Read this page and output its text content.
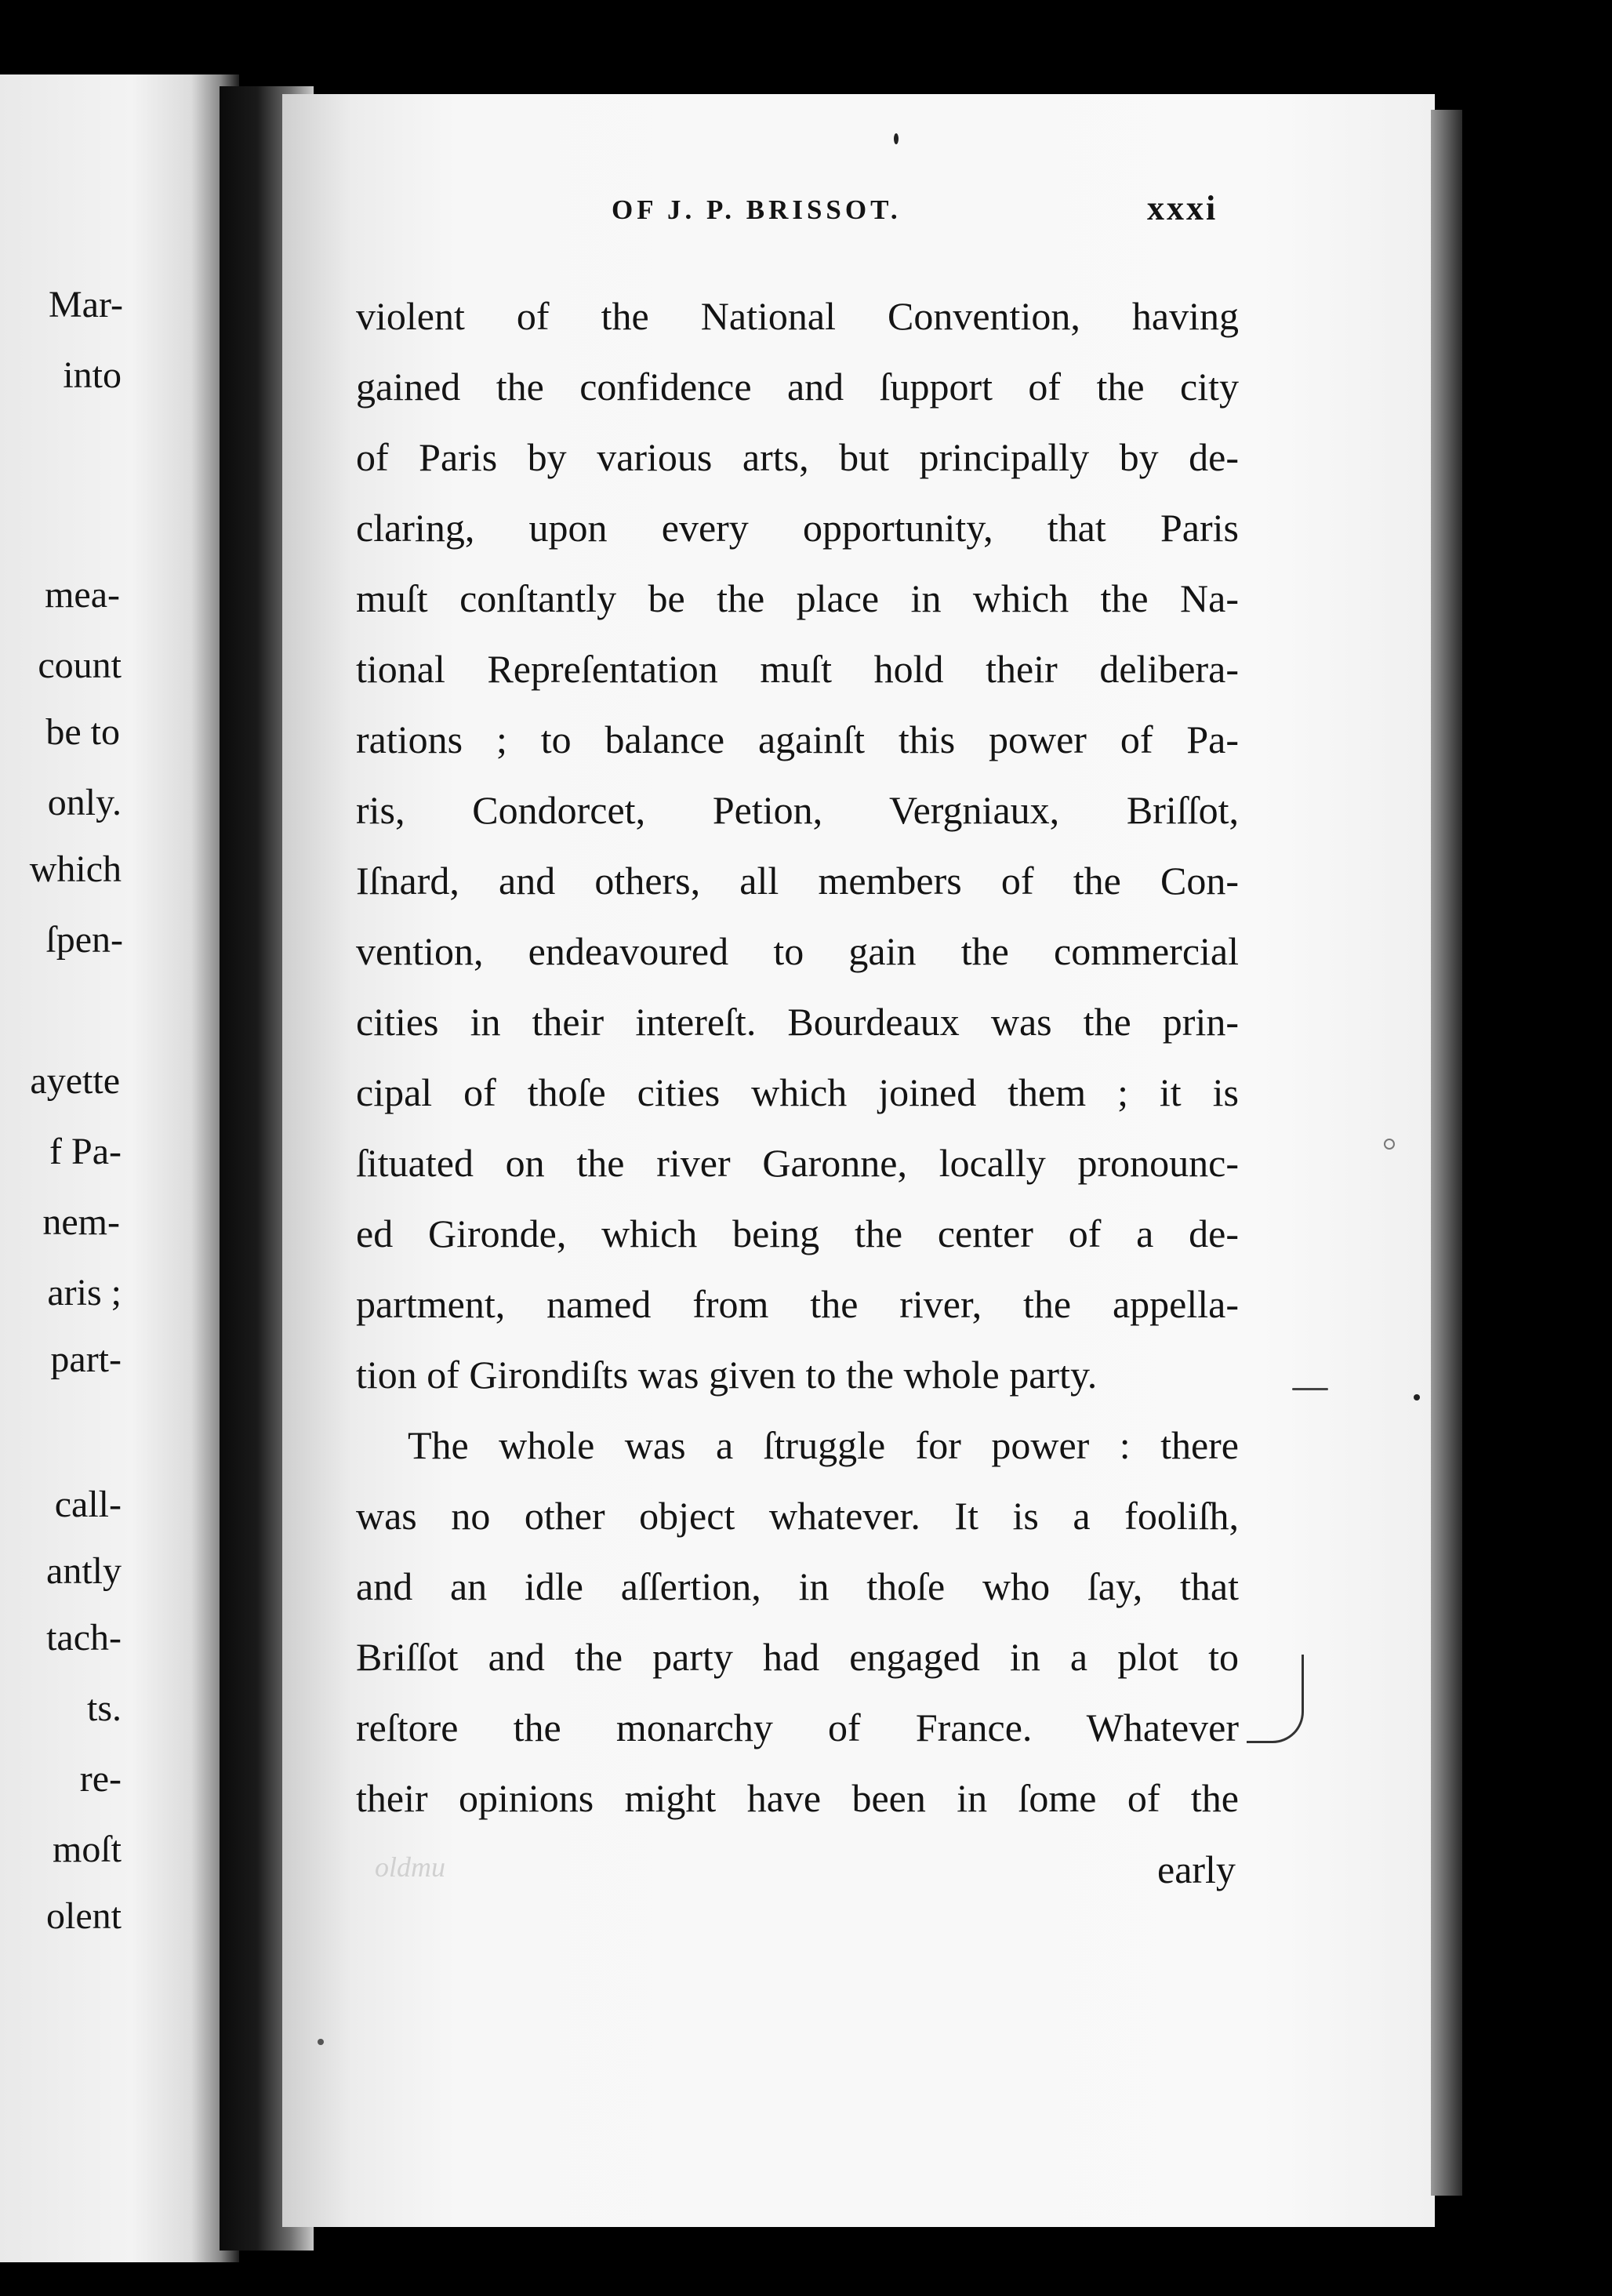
Mar-
into
mea-
count
be to
only.
which
ſpen-
ayette
f Pa-
nem-
aris ;
part-
call-
antly
tach-
ts.
re-
moſt
olent
OF J. P. BRISSOT.	xxxi
violent of the National Convention, having
gained the confidence and ſupport of the city
of Paris by various arts, but principally by de-
claring, upon every opportunity, that Paris
muſt conſtantly be the place in which the Na-
tional Repreſentation muſt hold their delibera-
rations ; to balance againſt this power of Pa-
ris, Condorcet, Petion, Vergniaux, Briſſot,
Iſnard, and others, all members of the Con-
vention, endeavoured to gain the commercial
cities in their intereſt. Bourdeaux was the prin-
cipal of thoſe cities which joined them ; it is
ſituated on the river Garonne, locally pronounc-
ed Gironde, which being the center of a de-
partment, named from the river, the appella-
tion of Girondiſts was given to the whole party.
The whole was a ſtruggle for power : there
was no other object whatever. It is a fooliſh,
and an idle aſſertion, in thoſe who ſay, that
Briſſot and the party had engaged in a plot to
reſtore the monarchy of France. Whatever
their opinions might have been in ſome of the
early
oldmu
